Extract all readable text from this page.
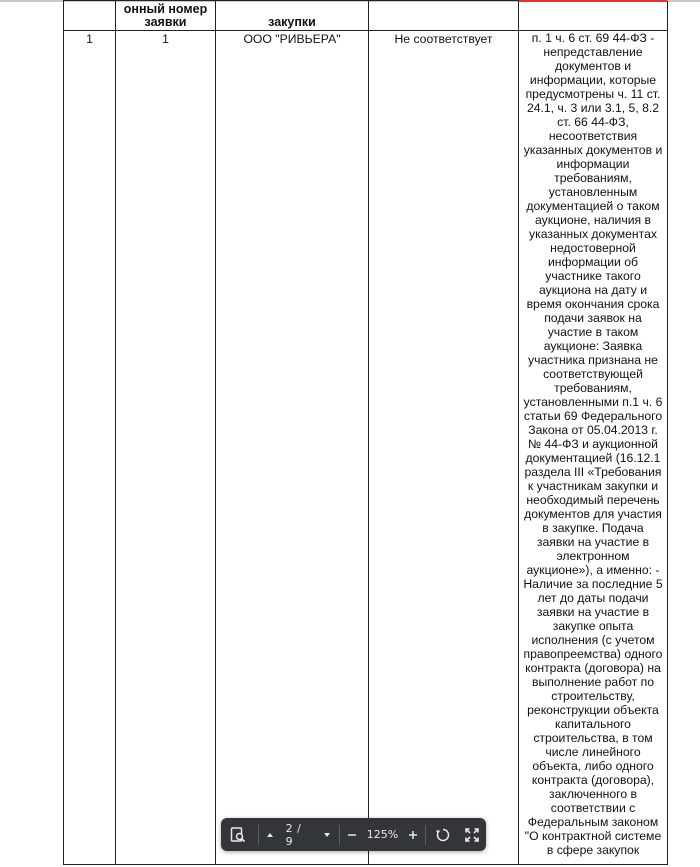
	онный номер заявки	закупки		
1	1	ООО "РИВЬЕРА"	Не соответствует	п. 1 ч. 6 ст. 69 44-ФЗ - непредставление документов и информации, которые предусмотрены ч. 11 ст. 24.1, ч. 3 или 3.1, 5, 8.2 ст. 66 44-ФЗ, несоответствия указанных документов и информации требованиям, установленным документацией о таком аукционе, наличия в указанных документах недостоверной информации об участнике такого аукциона на дату и время окончания срока подачи заявок на участие в таком аукционе: Заявка участника признана не соответствующей требованиям, установленными п.1 ч. 6 статьи 69 Федерального Закона от 05.04.2013 г. № 44-ФЗ и аукционной документацией (16.12.1 раздела III «Требования к участникам закупки и необходимый перечень документов для участия в закупке. Подача заявки на участие в электронном аукционе»), а именно: - Наличие за последние 5 лет до даты подачи заявки на участие в закупке опыта исполнения (с учетом правопреемства) одного контракта (договора) на выполнение работ по строительству, реконструкции объекта капитального строительства, в том числе линейного объекта, либо одного контракта (договора), заключенного в соответствии с Федеральным законом "О контрактной системе в сфере закупок
2 / 9	125%
